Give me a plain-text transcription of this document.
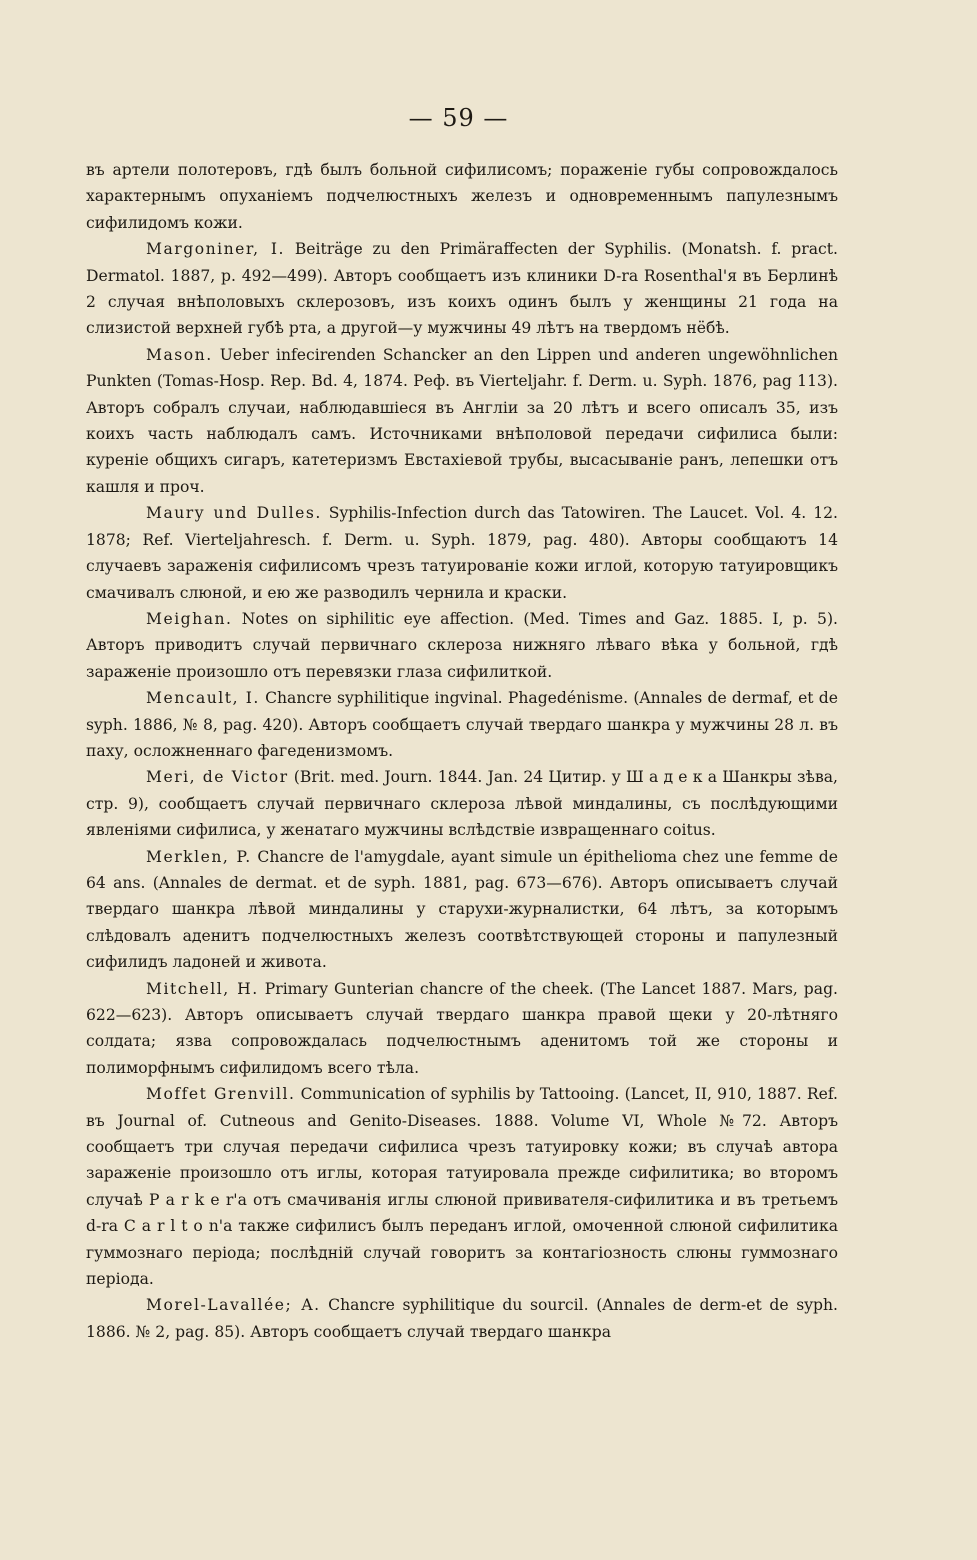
— 59 —

въ артели полотеровъ, гдѣ былъ больной сифилисомъ; пораженіе губы сопровождалось характернымъ опуханіемъ подчелюстныхъ железъ и одновременнымъ папулезнымъ сифилидомъ кожи.

Margoniner, I. Beiträge zu den Primäraffecten der Syphilis. (Monatsh. f. pract. Dermatol. 1887, p. 492—499). Авторъ сообщаетъ изъ клиники D-ra Rosenthal'я въ Берлинѣ 2 случая внѣполовыхъ склерозовъ, изъ коихъ одинъ былъ у женщины 21 года на слизистой верхней губѣ рта, а другой—у мужчины 49 лѣтъ на твердомъ нёбѣ.

Mason. Ueber infecirenden Schancker an den Lippen und anderen ungewöhnlichen Punkten (Tomas-Hosp. Rep. Bd. 4, 1874. Реф. въ Vierteljahr. f. Derm. u. Syph. 1876, pag 113). Авторъ собралъ случаи, наблюдавшіеся въ Англіи за 20 лѣтъ и всего описалъ 35, изъ коихъ часть наблюдалъ самъ. Источниками внѣполовой передачи сифилиса были: куреніе общихъ сигаръ, катетеризмъ Евстахіевой трубы, высасываніе ранъ, лепешки отъ кашля и проч.

Maury und Dulles. Syphilis-Infection durch das Tatowiren. The Laucet. Vol. 4. 12. 1878; Ref. Vierteljahresch. f. Derm. u. Syph. 1879, pag. 480). Авторы сообщаютъ 14 случаевъ зараженія сифилисомъ чрезъ татуированіе кожи иглой, которую татуировщикъ смачивалъ слюной, и ею же разводилъ чернила и краски.

Meighan. Notes on siphilitic eye affection. (Med. Times and Gaz. 1885. I, p. 5). Авторъ приводитъ случай первичнаго склероза нижняго лѣваго вѣка у больной, гдѣ зараженіе произошло отъ перевязки глаза сифилиткой.

Mencault, I. Chancre syphilitique ingvinal. Phagedénisme. (Annales de dermaf, et de syph. 1886, № 8, pag. 420). Авторъ сообщаетъ случай твердаго шанкра у мужчины 28 л. въ паху, осложненнаго фагеденизмомъ.

Meri, de Victor (Brit. med. Journ. 1844. Jan. 24 Цитир. у Ш а д е к а Шанкры зѣва, стр. 9), сообщаетъ случай первичнаго склероза лѣвой миндалины, съ послѣдующими явленіями сифилиса, у женатаго мужчины вслѣдствіе извращеннаго coitus.

Merklen, P. Chancre de l'amygdale, ayant simule un épithelioma chez une femme de 64 ans. (Annales de dermat. et de syph. 1881, pag. 673—676). Авторъ описываетъ случай твердаго шанкра лѣвой миндалины у старухи-журналистки, 64 лѣтъ, за которымъ слѣдовалъ аденитъ подчелюстныхъ железъ соотвѣтствующей стороны и папулезный сифилидъ ладоней и живота.

Mitchell, H. Primary Gunterian chancre of the cheek. (The Lancet 1887. Mars, pag. 622—623). Авторъ описываетъ случай твердаго шанкра правой щеки у 20-лѣтняго солдата; язва сопровождалась подчелюстнымъ аденитомъ той же стороны и полиморфнымъ сифилидомъ всего тѣла.

Moffet Grenvill. Communication of syphilis by Tattooing. (Lancet, II, 910, 1887. Ref. въ Journal of. Cutneous and Genito-Diseases. 1888. Volume VI, Whole №72. Авторъ сообщаетъ три случая передачи сифилиса чрезъ татуировку кожи; въ случаѣ автора зараженіе произошло отъ иглы, которая татуировала прежде сифилитика; во второмъ случаѣ P a r k e r'а отъ смачиванія иглы слюной прививателя-сифилитика и въ третьемъ d-ra C a r l t o n'а также сифилисъ былъ переданъ иглой, омоченной слюной сифилитика гуммознаго періода; послѣдній случай говоритъ за контагіозность слюны гуммознаго періода.

Morel-Lavallée; A. Chancre syphilitique du sourcil. (Annales de derm-et de syph. 1886. № 2, pag. 85). Авторъ сообщаетъ случай твердаго шанкра
